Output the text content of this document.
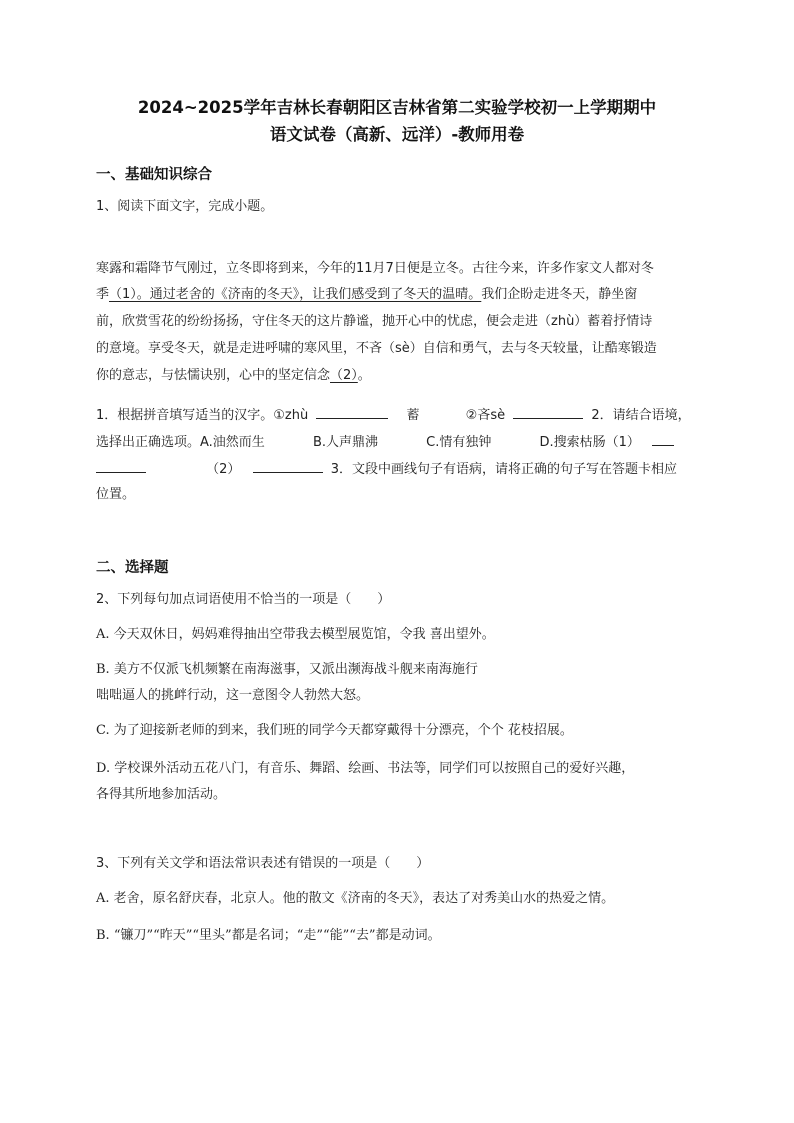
2024~2025学年吉林长春朝阳区吉林省第二实验学校初一上学期期中
语文试卷（高新、远洋）-教师用卷
一、基础知识综合
1、阅读下面文字，完成小题。
寒露和霜降节气刚过，立冬即将到来，今年的11月7日便是立冬。古往今来，许多作家文人都对冬
季（1）。通过老舍的《济南的冬天》，让我们感受到了冬天的温晴。我们企盼走进冬天，静坐窗
前，欣赏雪花的纷纷扬扬，守住冬天的这片静谧，抛开心中的忧虑，便会走进（zhù）蓄着抒情诗
的意境。享受冬天，就是走进呼啸的寒风里，不吝（sè）自信和勇气，去与冬天较量，让酷寒锻造
你的意志，与怯懦诀别，心中的坚定信念（2）。
1．根据拼音填写适当的汉字。①zhù	蓄	②吝sè	2．请结合语境，
选择出正确选项。A.油然而生	B.人声鼎沸	C.情有独钟	D.搜索枯肠（1）
（2）	3．文段中画线句子有语病，请将正确的句子写在答题卡相应
位置。
二、选择题
2、下列每句加点词语使用不恰当的一项是（　　）
A. 今天双休日，妈妈难得抽出空带我去模型展览馆，令我 喜出望外。
B. 美方不仅派飞机频繁在南海滋事，又派出濒海战斗舰来南海施行
咄咄逼人的挑衅行动，这一意图令人勃然大怒。
C. 为了迎接新老师的到来，我们班的同学今天都穿戴得十分漂亮，个个 花枝招展。
D. 学校课外活动五花八门，有音乐、舞蹈、绘画、书法等，同学们可以按照自己的爱好兴趣，
各得其所地参加活动。
3、下列有关文学和语法常识表述有错误的一项是（　　）
A. 老舍，原名舒庆春，北京人。他的散文《济南的冬天》，表达了对秀美山水的热爱之情。
B. “镰刀”“昨天”“里头”都是名词；“走”“能”“去”都是动词。
